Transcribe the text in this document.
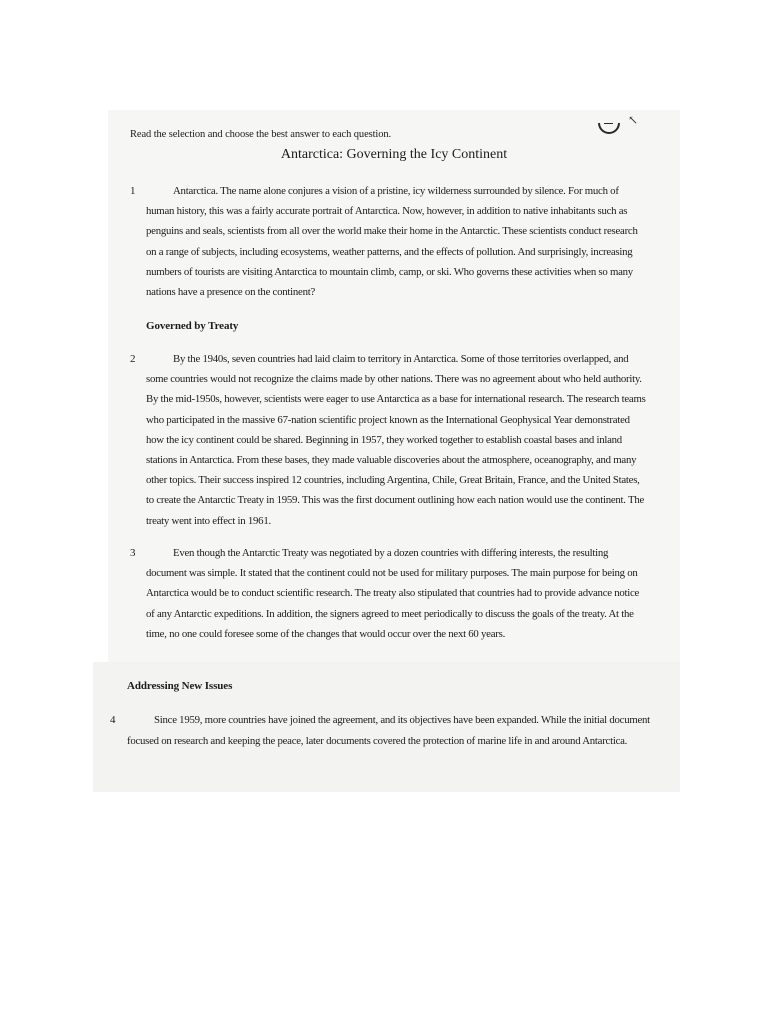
↖
Read the selection and choose the best answer to each question.
Antarctica: Governing the Icy Continent
1	Antarctica. The name alone conjures a vision of a pristine, icy wilderness surrounded by silence. For much of human history, this was a fairly accurate portrait of Antarctica. Now, however, in addition to native inhabitants such as penguins and seals, scientists from all over the world make their home in the Antarctic. These scientists conduct research on a range of subjects, including ecosystems, weather patterns, and the effects of pollution. And surprisingly, increasing numbers of tourists are visiting Antarctica to mountain climb, camp, or ski. Who governs these activities when so many nations have a presence on the continent?
Governed by Treaty
2	By the 1940s, seven countries had laid claim to territory in Antarctica. Some of those territories overlapped, and some countries would not recognize the claims made by other nations. There was no agreement about who held authority. By the mid-1950s, however, scientists were eager to use Antarctica as a base for international research. The research teams who participated in the massive 67-nation scientific project known as the International Geophysical Year demonstrated how the icy continent could be shared. Beginning in 1957, they worked together to establish coastal bases and inland stations in Antarctica. From these bases, they made valuable discoveries about the atmosphere, oceanography, and many other topics. Their success inspired 12 countries, including Argentina, Chile, Great Britain, France, and the United States, to create the Antarctic Treaty in 1959. This was the first document outlining how each nation would use the continent. The treaty went into effect in 1961.
3	Even though the Antarctic Treaty was negotiated by a dozen countries with differing interests, the resulting document was simple. It stated that the continent could not be used for military purposes. The main purpose for being on Antarctica would be to conduct scientific research. The treaty also stipulated that countries had to provide advance notice of any Antarctic expeditions. In addition, the signers agreed to meet periodically to discuss the goals of the treaty. At the time, no one could foresee some of the changes that would occur over the next 60 years.
Addressing New Issues
4	Since 1959, more countries have joined the agreement, and its objectives have been expanded. While the initial document focused on research and keeping the peace, later documents covered the protection of marine life in and around Antarctica.
